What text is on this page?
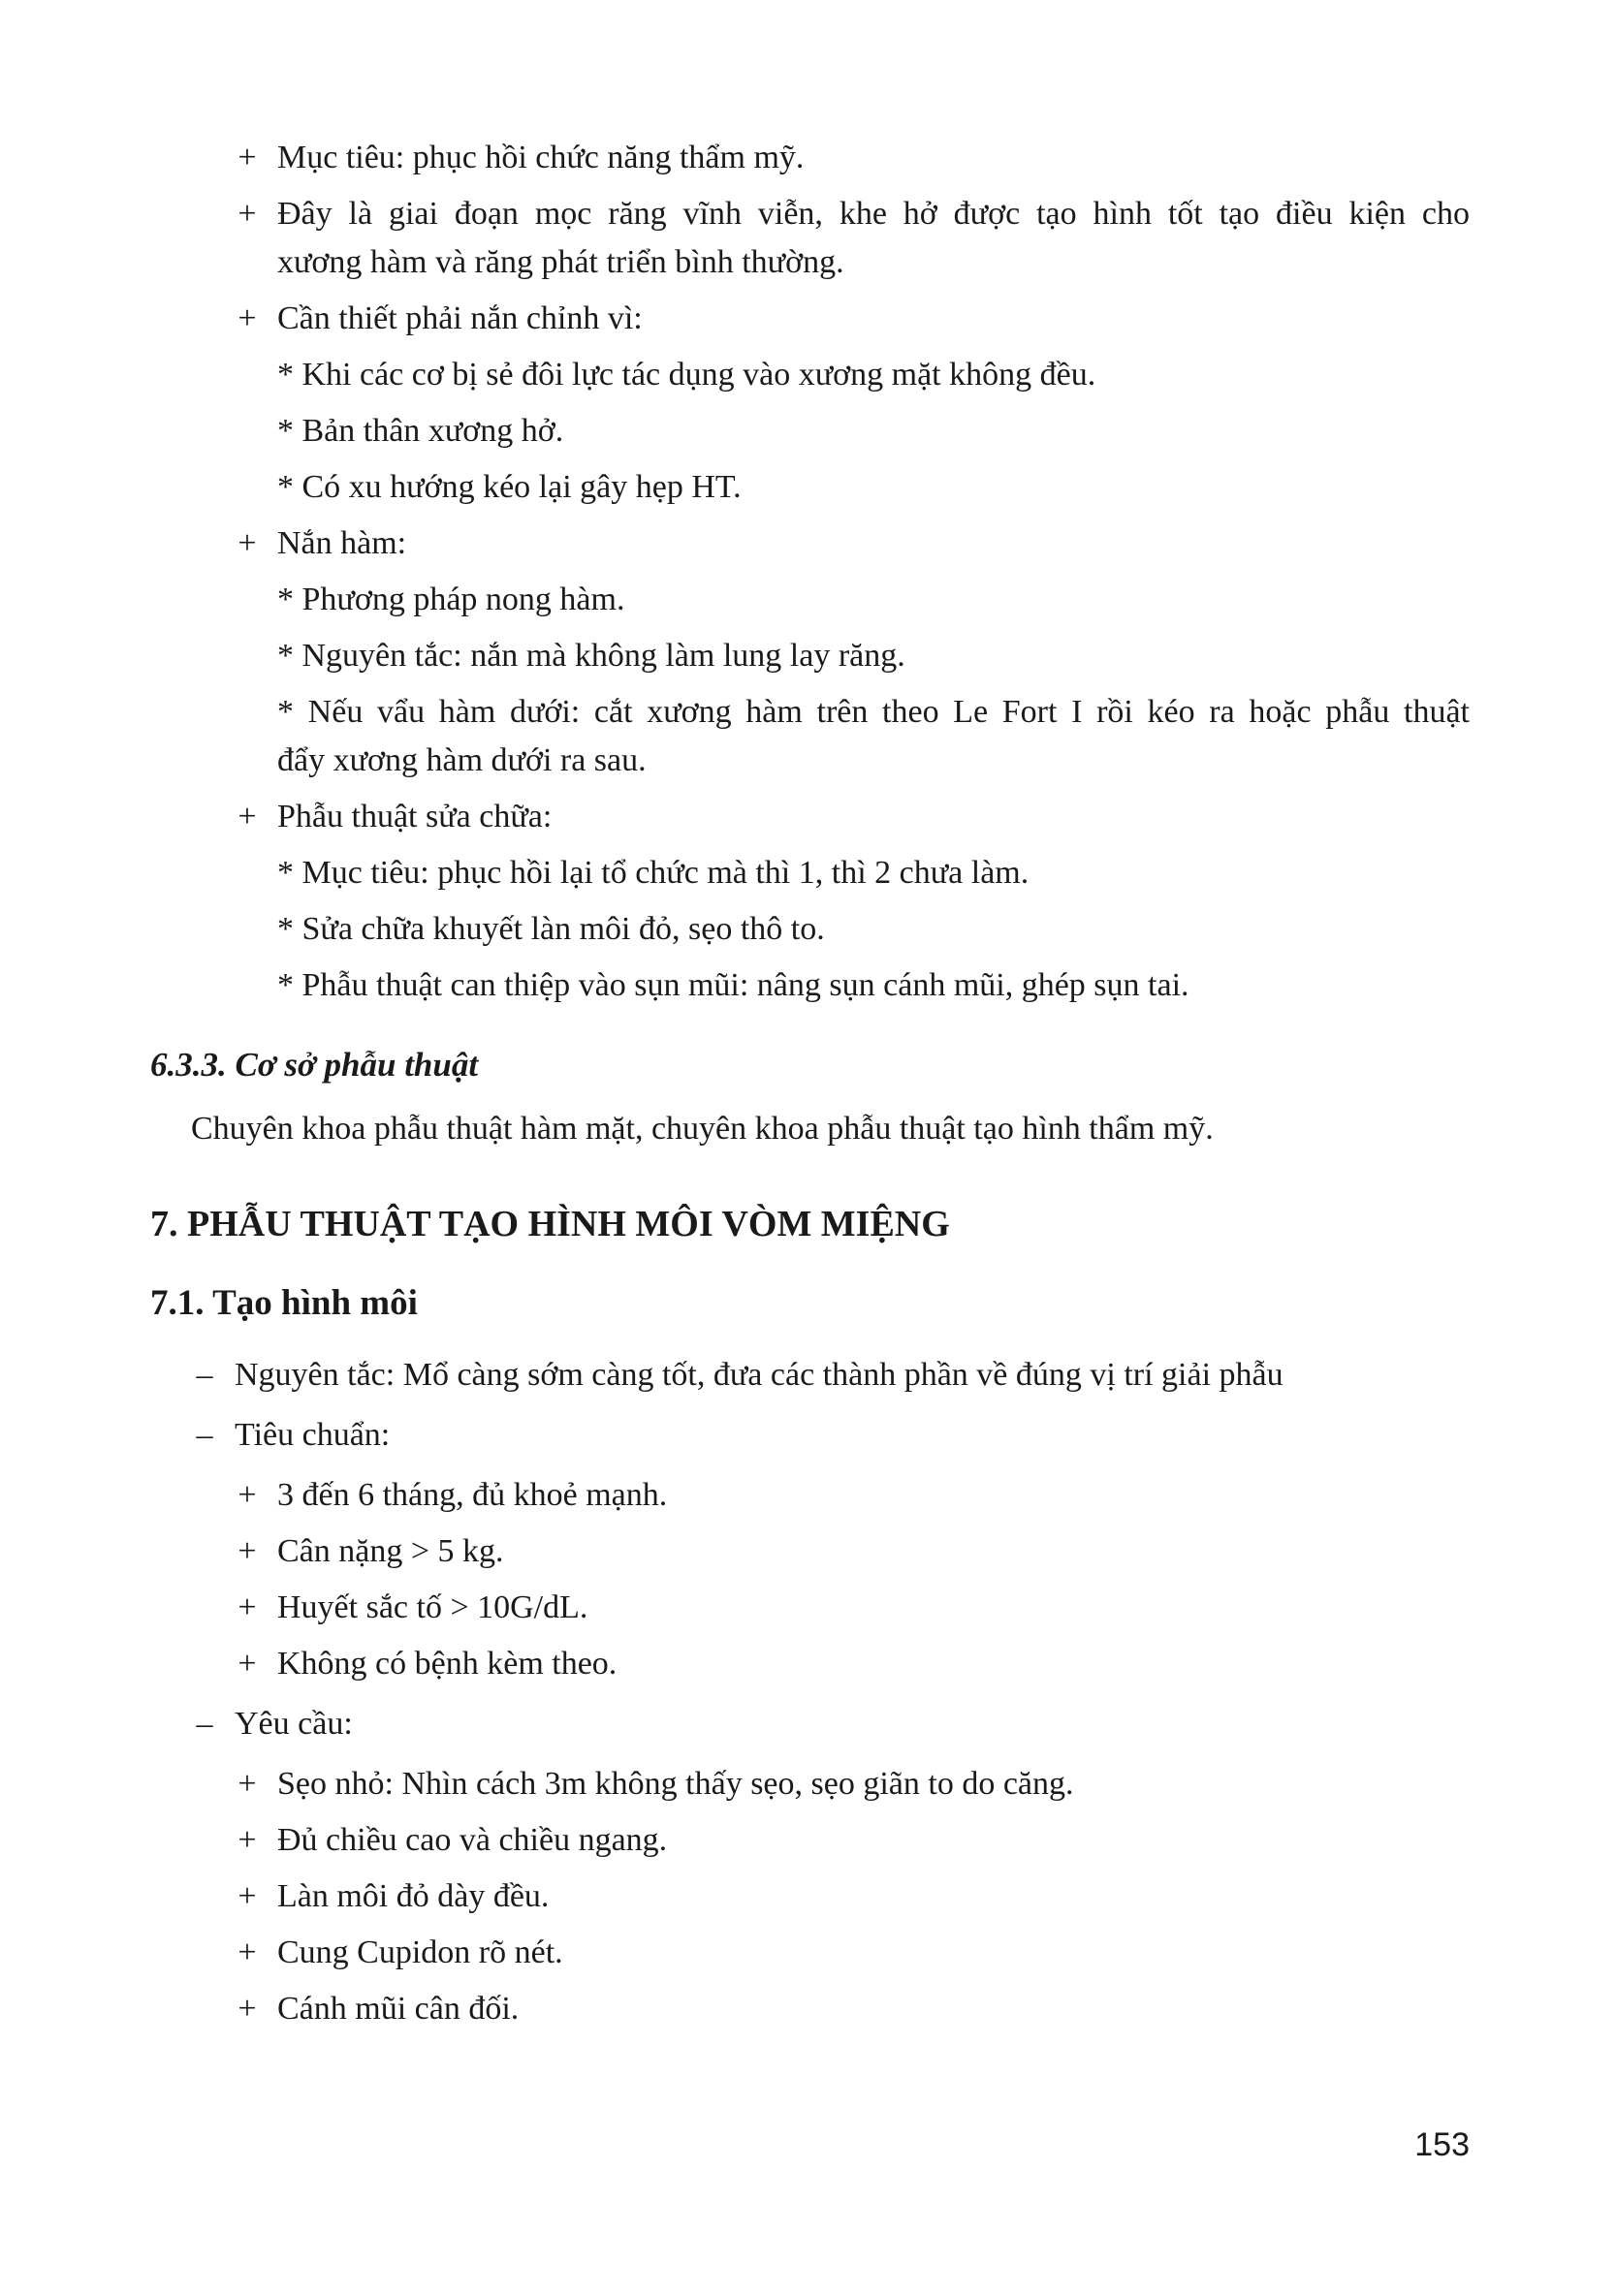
+ Mục tiêu: phục hồi chức năng thẩm mỹ.
+ Đây là giai đoạn mọc răng vĩnh viễn, khe hở được tạo hình tốt tạo điều kiện cho
xương hàm và răng phát triển bình thường.
+ Cần thiết phải nắn chỉnh vì:
* Khi các cơ bị sẻ đôi lực tác dụng vào xương mặt không đều.
* Bản thân xương hở.
* Có xu hướng kéo lại gây hẹp HT.
+ Nắn hàm:
* Phương pháp nong hàm.
* Nguyên tắc: nắn mà không làm lung lay răng.
* Nếu vẩu hàm dưới: cắt xương hàm trên theo Le Fort I rồi kéo ra hoặc phẫu thuật
đẩy xương hàm dưới ra sau.
+ Phẫu thuật sửa chữa:
* Mục tiêu: phục hồi lại tổ chức mà thì 1, thì 2 chưa làm.
* Sửa chữa khuyết làn môi đỏ, sẹo thô to.
* Phẫu thuật can thiệp vào sụn mũi: nâng sụn cánh mũi, ghép sụn tai.
6.3.3. Cơ sở phẫu thuật
Chuyên khoa phẫu thuật hàm mặt, chuyên khoa phẫu thuật tạo hình thẩm mỹ.
7. PHẪU THUẬT TẠO HÌNH MÔI VÒM MIỆNG
7.1. Tạo hình môi
– Nguyên tắc: Mổ càng sớm càng tốt, đưa các thành phần về đúng vị trí giải phẫu
– Tiêu chuẩn:
+ 3 đến 6 tháng, đủ khoẻ mạnh.
+ Cân nặng > 5 kg.
+ Huyết sắc tố > 10G/dL.
+ Không có bệnh kèm theo.
– Yêu cầu:
+ Sẹo nhỏ: Nhìn cách 3m không thấy sẹo, sẹo giãn to do căng.
+ Đủ chiều cao và chiều ngang.
+ Làn môi đỏ dày đều.
+ Cung Cupidon rõ nét.
+ Cánh mũi cân đối.
153
